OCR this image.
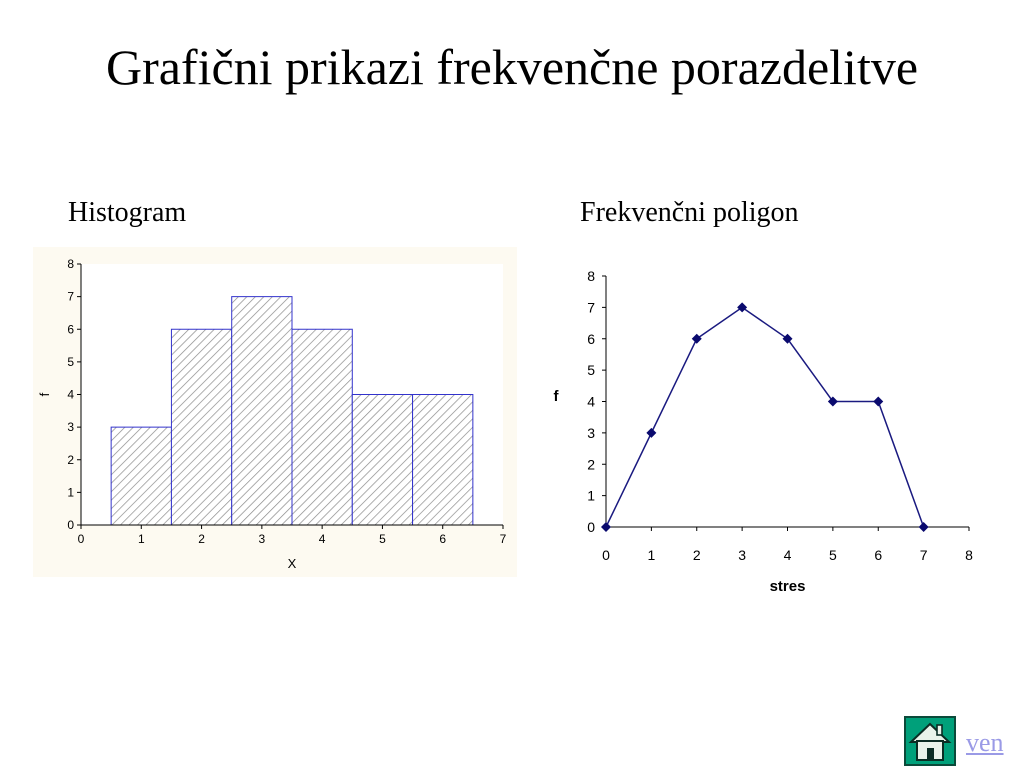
Grafični prikazi frekvenčne porazdelitve
Histogram	Frekvenčni poligon
0
1
2
3
4
5
6
7
8
0	1	2	3	4	5	6	7
X
f
0
1
2
3
4
5
6
7
8
0	1	2	3	4	5	6	7	8
stres
f
ven
